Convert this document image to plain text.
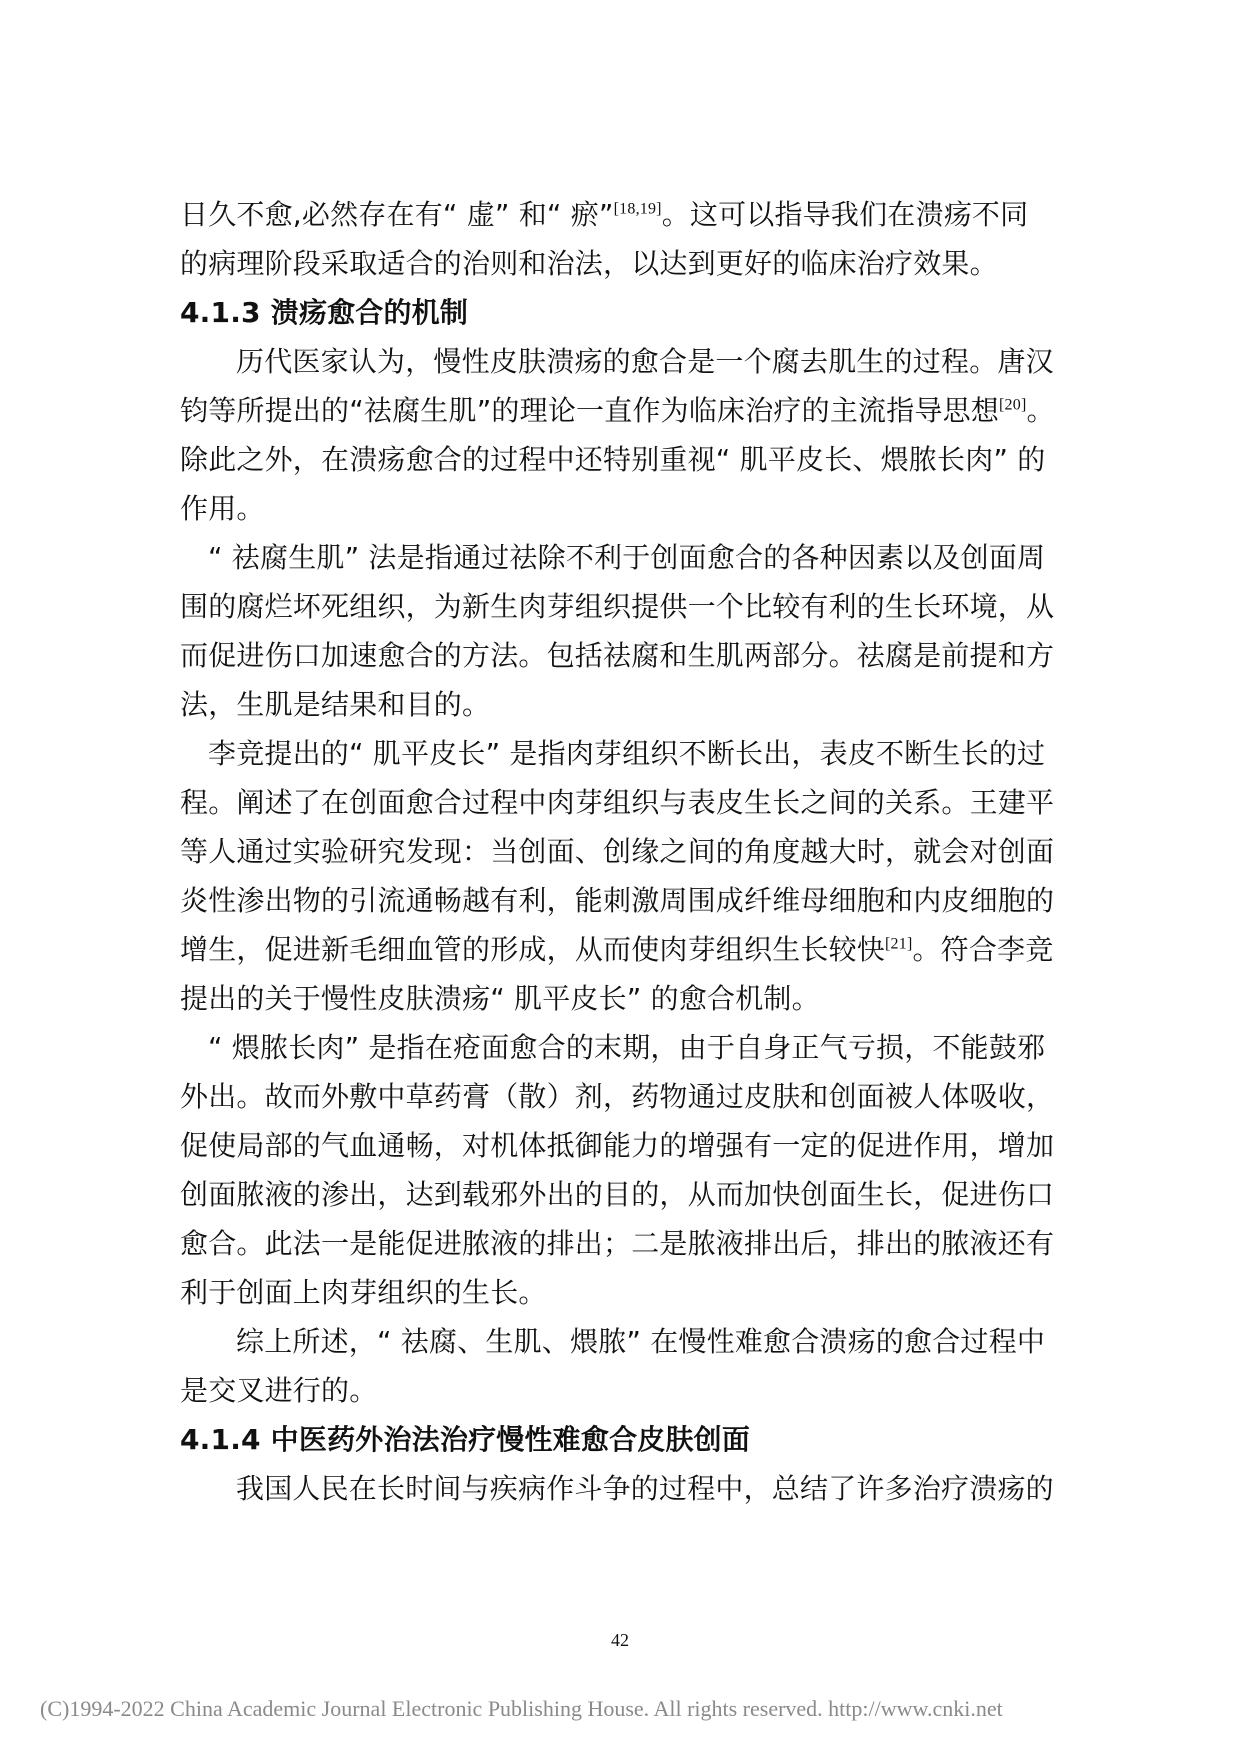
日久不愈,必然存在有“ 虚” 和“ 瘀”[18,19]。这可以指导我们在溃疡不同
的病理阶段采取适合的治则和治法，以达到更好的临床治疗效果。
4.1.3 溃疡愈合的机制
历代医家认为，慢性皮肤溃疡的愈合是一个腐去肌生的过程。唐汉
钧等所提出的“祛腐生肌”的理论一直作为临床治疗的主流指导思想[20]。
除此之外，在溃疡愈合的过程中还特别重视“ 肌平皮长、煨脓长肉” 的
作用。
“ 祛腐生肌” 法是指通过祛除不利于创面愈合的各种因素以及创面周
围的腐烂坏死组织，为新生肉芽组织提供一个比较有利的生长环境，从
而促进伤口加速愈合的方法。包括祛腐和生肌两部分。祛腐是前提和方
法，生肌是结果和目的。
李竞提出的“ 肌平皮长” 是指肉芽组织不断长出，表皮不断生长的过
程。阐述了在创面愈合过程中肉芽组织与表皮生长之间的关系。王建平
等人通过实验研究发现：当创面、创缘之间的角度越大时，就会对创面
炎性渗出物的引流通畅越有利，能刺激周围成纤维母细胞和内皮细胞的
增生，促进新毛细血管的形成，从而使肉芽组织生长较快[21]。符合李竞
提出的关于慢性皮肤溃疡“ 肌平皮长” 的愈合机制。
“ 煨脓长肉” 是指在疮面愈合的末期，由于自身正气亏损，不能鼓邪
外出。故而外敷中草药膏（散）剂，药物通过皮肤和创面被人体吸收，
促使局部的气血通畅，对机体抵御能力的增强有一定的促进作用，增加
创面脓液的渗出，达到载邪外出的目的，从而加快创面生长，促进伤口
愈合。此法一是能促进脓液的排出；二是脓液排出后，排出的脓液还有
利于创面上肉芽组织的生长。
综上所述，“ 祛腐、生肌、煨脓” 在慢性难愈合溃疡的愈合过程中
是交叉进行的。
4.1.4 中医药外治法治疗慢性难愈合皮肤创面
我国人民在长时间与疾病作斗争的过程中，总结了许多治疗溃疡的
42
(C)1994-2022 China Academic Journal Electronic Publishing House. All rights reserved. http://www.cnki.net
